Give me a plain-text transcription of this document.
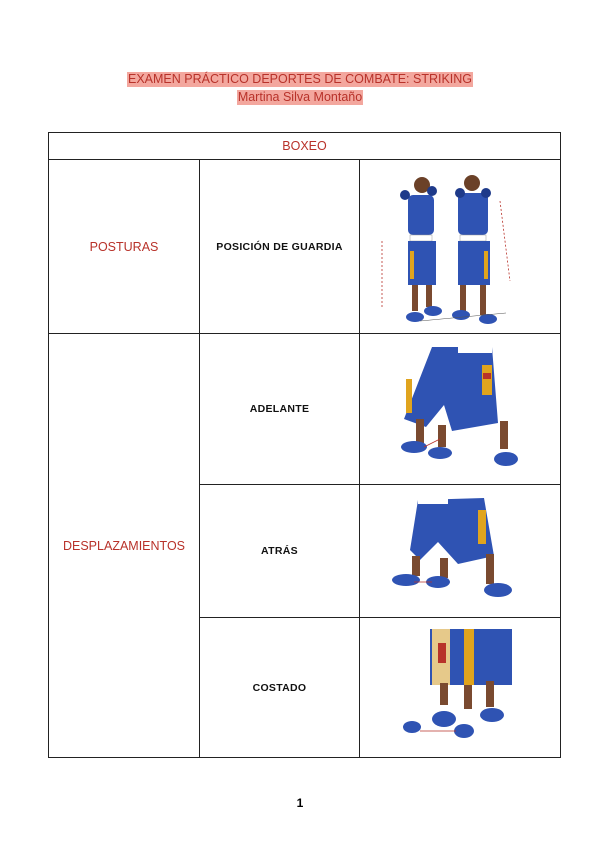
EXAMEN PRÁCTICO DEPORTES DE COMBATE: STRIKING
Martina Silva Montaño
BOXEO		
POSTURAS	POSICIÓN DE GUARDIA	

DESPLAZAMIENTOS	ADELANTE	

	ATRÁS	

	COSTADO	
1
